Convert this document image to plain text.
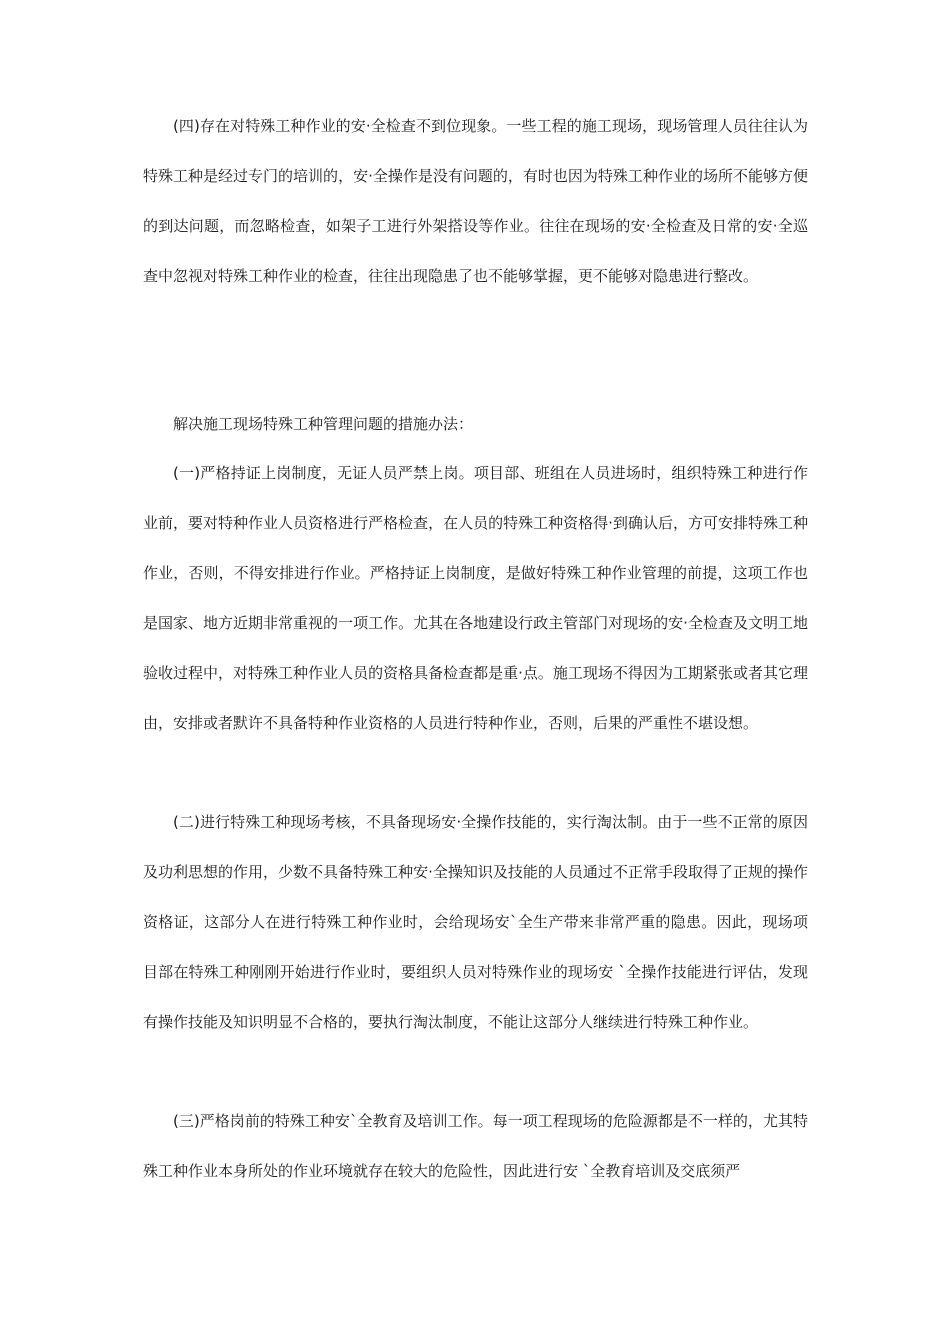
(四)存在对特殊工种作业的安·全检查不到位现象。一些工程的施工现场，现场管理人员往往认为特殊工种是经过专门的培训的，安·全操作是没有问题的，有时也因为特殊工种作业的场所不能够方便的到达问题，而忽略检查，如架子工进行外架搭设等作业。往往在现场的安·全检查及日常的安·全巡查中忽视对特殊工种作业的检查，往往出现隐患了也不能够掌握，更不能够对隐患进行整改。

解决施工现场特殊工种管理问题的措施办法：

(一)严格持证上岗制度，无证人员严禁上岗。项目部、班组在人员进场时，组织特殊工种进行作业前，要对特种作业人员资格进行严格检查，在人员的特殊工种资格得·到确认后，方可安排特殊工种作业，否则，不得安排进行作业。严格持证上岗制度，是做好特殊工种作业管理的前提，这项工作也是国家、地方近期非常重视的一项工作。尤其在各地建设行政主管部门对现场的安·全检查及文明工地验收过程中，对特殊工种作业人员的资格具备检查都是重·点。施工现场不得因为工期紧张或者其它理由，安排或者默许不具备特种作业资格的人员进行特种作业，否则，后果的严重性不堪设想。

(二)进行特殊工种现场考核，不具备现场安·全操作技能的，实行淘汰制。由于一些不正常的原因及功利思想的作用，少数不具备特殊工种安·全操知识及技能的人员通过不正常手段取得了正规的操作资格证，这部分人在进行特殊工种作业时，会给现场安`全生产带来非常严重的隐患。因此，现场项目部在特殊工种刚刚开始进行作业时，要组织人员对特殊作业的现场安 `全操作技能进行评估，发现有操作技能及知识明显不合格的，要执行淘汰制度，不能让这部分人继续进行特殊工种作业。

(三)严格岗前的特殊工种安`全教育及培训工作。每一项工程现场的危险源都是不一样的，尤其特殊工种作业本身所处的作业环境就存在较大的危险性，因此进行安 `全教育培训及交底须严
